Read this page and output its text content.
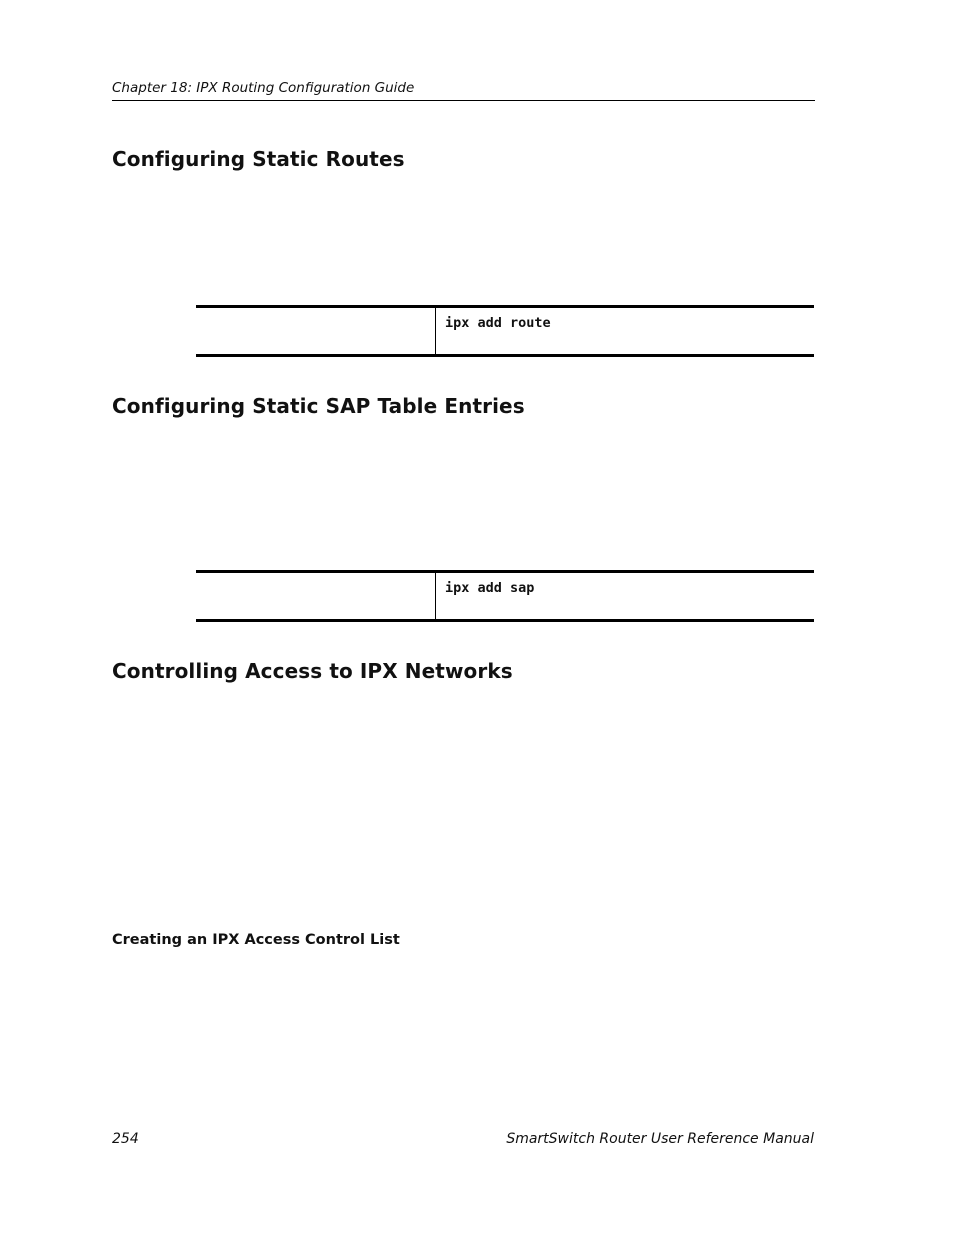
Chapter 18: IPX Routing Configuration Guide
Configuring Static Routes
ipx add route
Configuring Static SAP Table Entries
ipx add sap
Controlling Access to IPX Networks
Creating an IPX Access Control List
254	SmartSwitch Router User Reference Manual
